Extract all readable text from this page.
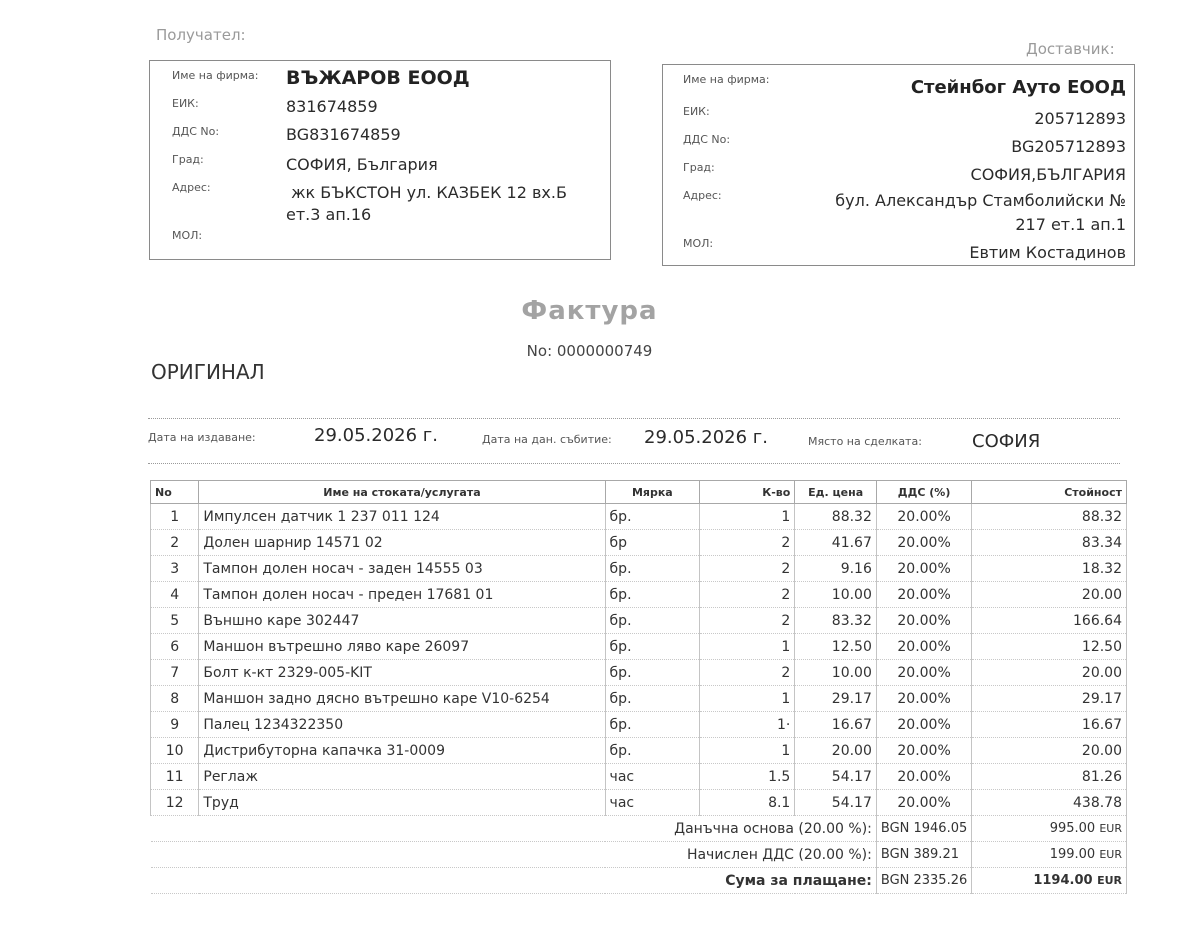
Получател:
Име на фирма: ВЪЖАРОВ ЕООД
ЕИК:	831674859
ДДС No:	BG831674859
Град:	СОФИЯ, България
Адрес:	жк БЪКСТОН ул. КАЗБЕК 12 вх.Б
ет.3 ап.16
МОЛ:
Доставчик:
Име на фирма:	Стейнбог Ауто ЕООД
ЕИК:	205712893
ДДС No:	BG205712893
Град:	СОФИЯ,БЪЛГАРИЯ
Адрес:	бул. Александър Стамболийски №
217 ет.1 ап.1
МОЛ:	Евтим Костадинов
Фактура
No: 0000000749
ОРИГИНАЛ
Дата на издаване:	29.05.2026 г.	Дата на дан. събитие: 29.05.2026 г.	Място на сделката:	СОФИЯ
No	Име на стоката/услугата	Мярка	К-во	Ед. цена	ДДС (%)	Стойност
1	Импулсен датчик 1 237 011 124	бр.	1	88.32	20.00%	88.32
2	Долен шарнир 14571 02	бр	2	41.67	20.00%	83.34
3	Тампон долен носач - заден 14555 03	бр.	2	9.16	20.00%	18.32
4	Тампон долен носач - преден 17681 01	бр.	2	10.00	20.00%	20.00
5	Външно каре 302447	бр.	2	83.32	20.00%	166.64
6	Маншон вътрешно ляво каре 26097	бр.	1	12.50	20.00%	12.50
7	Болт к-кт 2329-005-KIT	бр.	2	10.00	20.00%	20.00
8	Маншон задно дясно вътрешно каре V10-6254	бр.	1	29.17	20.00%	29.17
9	Палец 1234322350	бр.	1·	16.67	20.00%	16.67
10	Дистрибуторна капачка 31-0009	бр.	1	20.00	20.00%	20.00
11	Реглаж	час	1.5	54.17	20.00%	81.26
12	Труд	час	8.1	54.17	20.00%	438.78
Данъчна основа (20.00 %):					BGN 1946.05	995.00 EUR
Начислен ДДС (20.00 %):					BGN 389.21	199.00 EUR
Сума за плащане:					BGN 2335.26	1194.00 EUR
